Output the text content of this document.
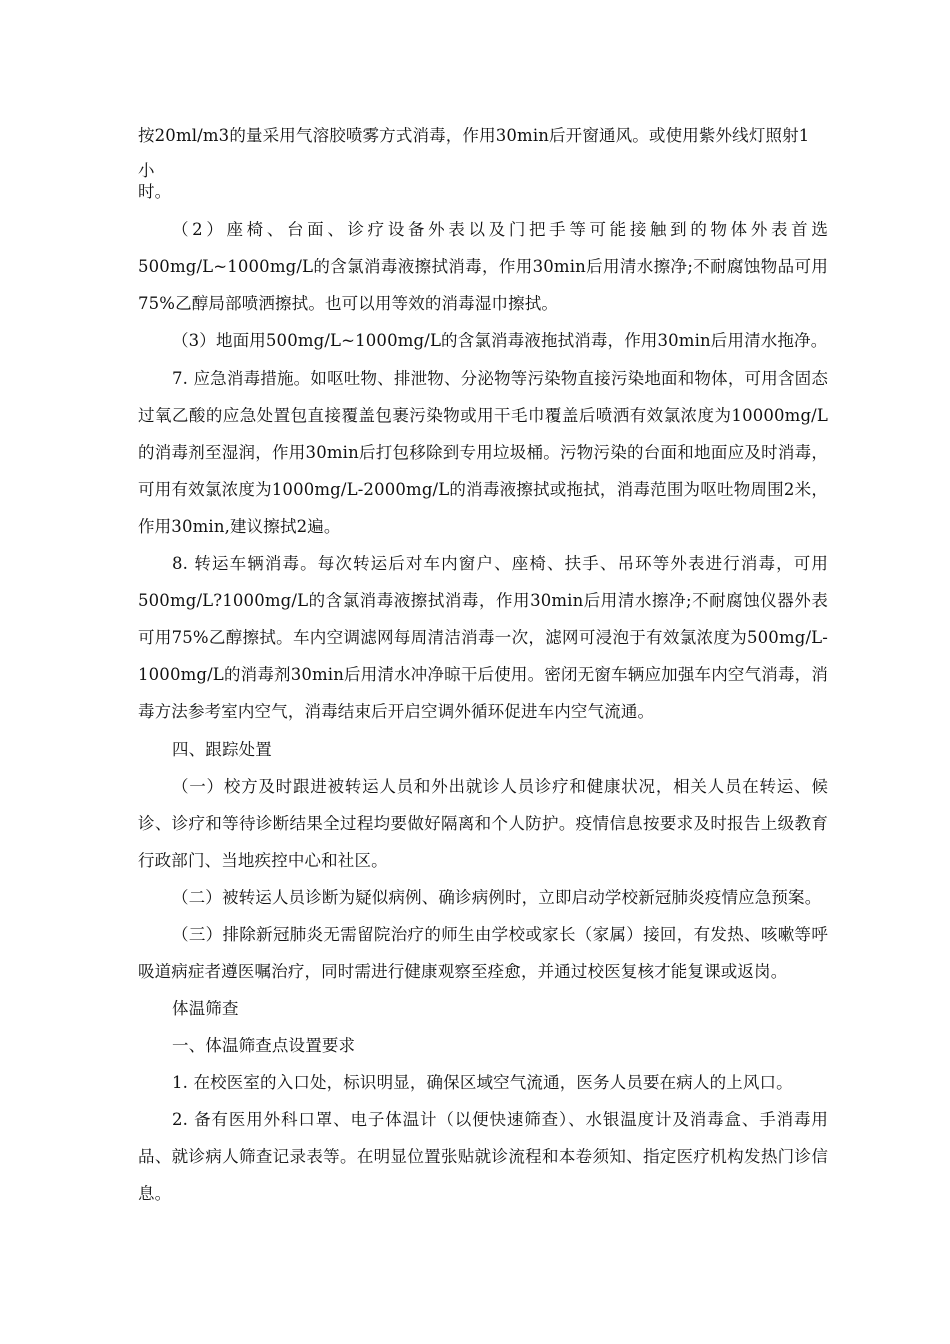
按20ml/m3的量采用气溶胶喷雾方式消毒，作用30min后开窗通风。或使用紫外线灯照射1
小
时。
（2）座椅、台面、诊疗设备外表以及门把手等可能接触到的物体外表首选500mg/L~1000mg/L的含氯消毒液擦拭消毒，作用30min后用清水擦净;不耐腐蚀物品可用75%乙醇局部喷洒擦拭。也可以用等效的消毒湿巾擦拭。
（3）地面用500mg/L~1000mg/L的含氯消毒液拖拭消毒，作用30min后用清水拖净。
7. 应急消毒措施。如呕吐物、排泄物、分泌物等污染物直接污染地面和物体，可用含固态过氧乙酸的应急处置包直接覆盖包裹污染物或用干毛巾覆盖后喷洒有效氯浓度为10000mg/L的消毒剂至湿润，作用30min后打包移除到专用垃圾桶。污物污染的台面和地面应及时消毒，可用有效氯浓度为1000mg/L-2000mg/L的消毒液擦拭或拖拭，消毒范围为呕吐物周围2米，作用30min,建议擦拭2遍。
8. 转运车辆消毒。每次转运后对车内窗户、座椅、扶手、吊环等外表进行消毒，可用500mg/L?1000mg/L的含氯消毒液擦拭消毒，作用30min后用清水擦净;不耐腐蚀仪器外表可用75%乙醇擦拭。车内空调滤网每周清洁消毒一次，滤网可浸泡于有效氯浓度为500mg/L-1000mg/L的消毒剂30min后用清水冲净晾干后使用。密闭无窗车辆应加强车内空气消毒，消毒方法参考室内空气，消毒结束后开启空调外循环促进车内空气流通。
四、跟踪处置
（一）校方及时跟进被转运人员和外出就诊人员诊疗和健康状况，相关人员在转运、候诊、诊疗和等待诊断结果全过程均要做好隔离和个人防护。疫情信息按要求及时报告上级教育行政部门、当地疾控中心和社区。
（二）被转运人员诊断为疑似病例、确诊病例时，立即启动学校新冠肺炎疫情应急预案。
（三）排除新冠肺炎无需留院治疗的师生由学校或家长（家属）接回，有发热、咳嗽等呼吸道病症者遵医嘱治疗，同时需进行健康观察至痊愈，并通过校医复核才能复课或返岗。
体温筛查
一、体温筛查点设置要求
1. 在校医室的入口处，标识明显，确保区域空气流通，医务人员要在病人的上风口。
2. 备有医用外科口罩、电子体温计（以便快速筛查）、水银温度计及消毒盒、手消毒用品、就诊病人筛查记录表等。在明显位置张贴就诊流程和本卷须知、指定医疗机构发热门诊信息。
